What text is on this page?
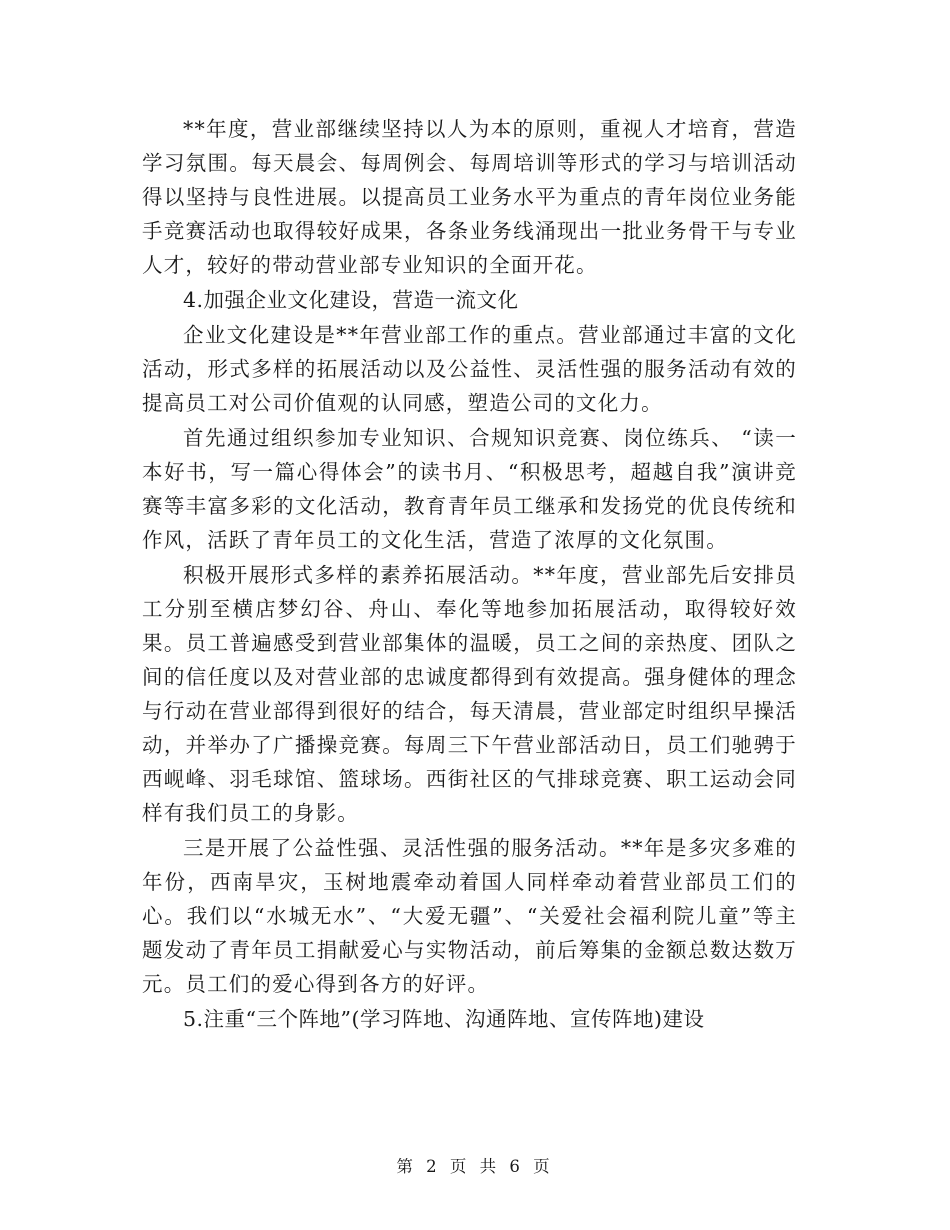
**年度，营业部继续坚持以人为本的原则，重视人才培育，营造学习氛围。每天晨会、每周例会、每周培训等形式的学习与培训活动得以坚持与良性进展。以提高员工业务水平为重点的青年岗位业务能手竞赛活动也取得较好成果，各条业务线涌现出一批业务骨干与专业人才，较好的带动营业部专业知识的全面开花。

4.加强企业文化建设，营造一流文化

企业文化建设是**年营业部工作的重点。营业部通过丰富的文化活动，形式多样的拓展活动以及公益性、灵活性强的服务活动有效的提高员工对公司价值观的认同感，塑造公司的文化力。

首先通过组织参加专业知识、合规知识竞赛、岗位练兵、 “读一本好书，写一篇心得体会”的读书月、“积极思考，超越自我”演讲竞赛等丰富多彩的文化活动，教育青年员工继承和发扬党的优良传统和作风，活跃了青年员工的文化生活，营造了浓厚的文化氛围。

积极开展形式多样的素养拓展活动。**年度，营业部先后安排员工分别至横店梦幻谷、舟山、奉化等地参加拓展活动，取得较好效果。员工普遍感受到营业部集体的温暖，员工之间的亲热度、团队之间的信任度以及对营业部的忠诚度都得到有效提高。强身健体的理念与行动在营业部得到很好的结合，每天清晨，营业部定时组织早操活动，并举办了广播操竞赛。每周三下午营业部活动日，员工们驰骋于西岘峰、羽毛球馆、篮球场。西街社区的气排球竞赛、职工运动会同样有我们员工的身影。

三是开展了公益性强、灵活性强的服务活动。**年是多灾多难的年份，西南旱灾，玉树地震牵动着国人同样牵动着营业部员工们的心。我们以“水城无水”、“大爱无疆”、“关爱社会福利院儿童”等主题发动了青年员工捐献爱心与实物活动，前后筹集的金额总数达数万元。员工们的爱心得到各方的好评。

5.注重“三个阵地”(学习阵地、沟通阵地、宣传阵地)建设

第 2 页 共 6 页
